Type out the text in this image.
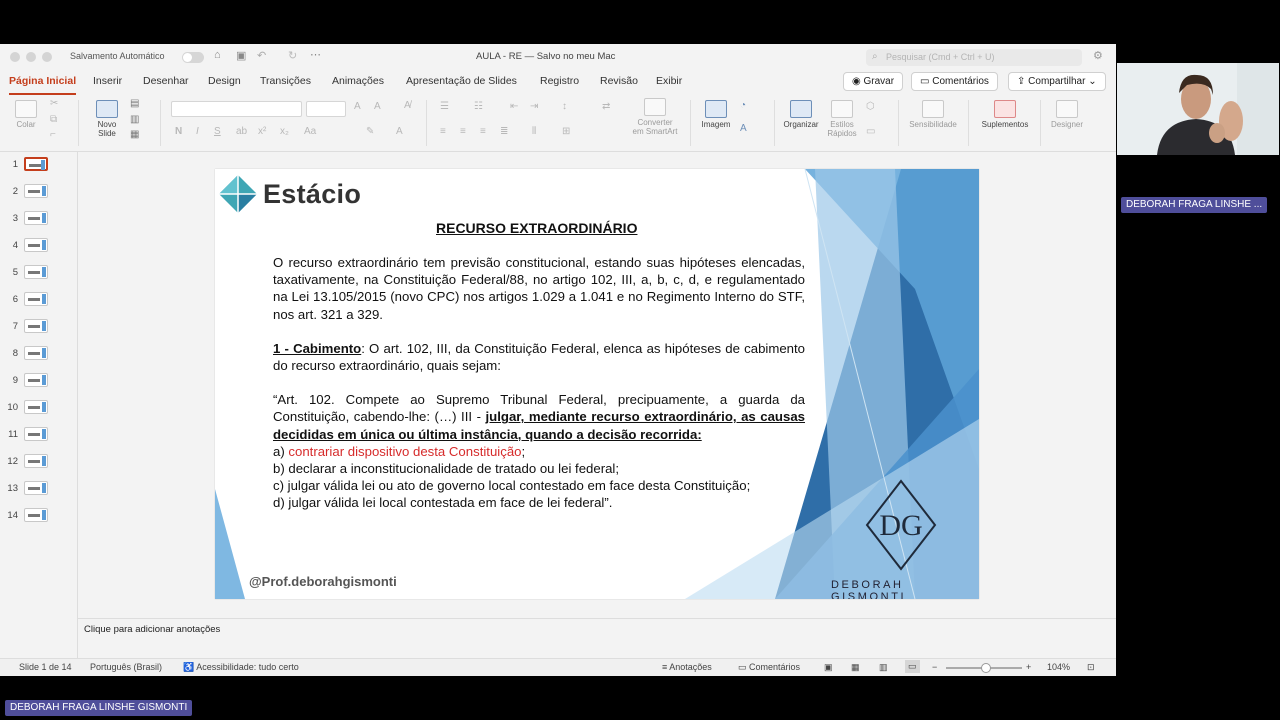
Salvamento Automático	⌂ ▣ ↶ ↻ ⋯	AULA - RE — Salvo no meu Mac	⌕ Pesquisar (Cmd + Ctrl + U)	⚙
Página Inicial Inserir Desenhar Design Transições Animações Apresentação de Slides Registro Revisão Exibir	◉ Gravar	▭ Comentários	⇪ Compartilhar ⌄
Colar
✂
⧉
⌐
Novo
Slide
▤
▥
▦
A A A̸
N I S ab x² x₂ Aa	✎ A
☰	☷	⇤ ⇥ ↕	⇄
≡ ≡ ≡ ≣ ⫴	⊞
Converter
em SmartArt
Imagem
◔
A	Organizar	Estilos
Rápidos
⬡
▭
Sensibilidade	Suplementos	Designer
1
2
3
4
5
6
7
8
9
10
11
12
13
14
Estácio
RECURSO EXTRAORDINÁRIO

O recurso extraordinário tem previsão constitucional, estando suas hipóteses elencadas, taxativamente, na Constituição Federal/88, no artigo 102, III, a, b, c, d, e regulamentado na Lei 13.105/2015 (novo CPC) nos artigos 1.029 a 1.041 e no Regimento Interno do STF, nos art. 321 a 329.

1 - Cabimento: O art. 102, III, da Constituição Federal, elenca as hipóteses de cabimento do recurso extraordinário, quais sejam:

“Art. 102. Compete ao Supremo Tribunal Federal, precipuamente, a guarda da Constituição, cabendo-lhe: (…) III - julgar, mediante recurso extraordinário, as causas decididas em única ou última instância, quando a decisão recorrida:
a) contrariar dispositivo desta Constituição;
b) declarar a inconstitucionalidade de tratado ou lei federal;
c) julgar válida lei ou ato de governo local contestado em face desta Constituição;
d) julgar válida lei local contestada em face de lei federal”.
@Prof.deborahgismonti
DG
DEBORAH GISMONTI
Clique para adicionar anotações
Slide 1 de 14 Português (Brasil) ♿ Acessibilidade: tudo certo	≡ Anotações	▭ Comentários	▣ ▦ ▥	▭	−	+ 104% ⊡
DEBORAH FRAGA LINSHE ...
DEBORAH FRAGA LINSHE GISMONTI
